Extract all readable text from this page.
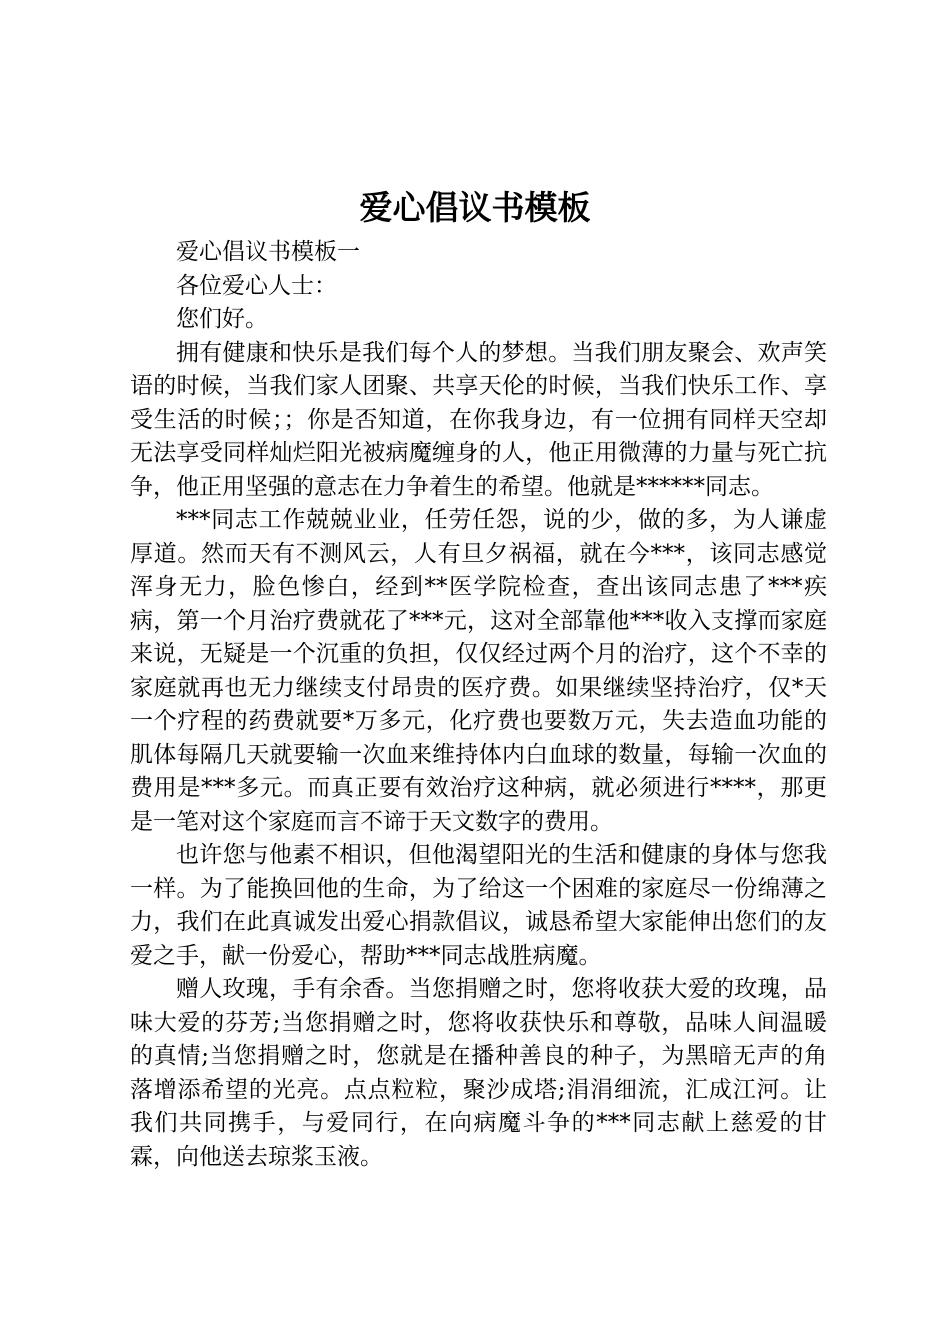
爱心倡议书模板

爱心倡议书模板一

各位爱心人士：

您们好。

拥有健康和快乐是我们每个人的梦想。当我们朋友聚会、欢声笑语的时候，当我们家人团聚、共享天伦的时候，当我们快乐工作、享受生活的时候；；你是否知道，在你我身边，有一位拥有同样天空却无法享受同样灿烂阳光被病魔缠身的人，他正用微薄的力量与死亡抗争，他正用坚强的意志在力争着生的希望。他就是******同志。

***同志工作兢兢业业，任劳任怨，说的少，做的多，为人谦虚厚道。然而天有不测风云，人有旦夕祸福，就在今***，该同志感觉浑身无力，脸色惨白，经到**医学院检查，查出该同志患了***疾病，第一个月治疗费就花了***元，这对全部靠他***收入支撑而家庭来说，无疑是一个沉重的负担，仅仅经过两个月的治疗，这个不幸的家庭就再也无力继续支付昂贵的医疗费。如果继续坚持治疗，仅*天一个疗程的药费就要*万多元，化疗费也要数万元，失去造血功能的肌体每隔几天就要输一次血来维持体内白血球的数量，每输一次血的费用是***多元。而真正要有效治疗这种病，就必须进行****，那更是一笔对这个家庭而言不谛于天文数字的费用。

也许您与他素不相识，但他渴望阳光的生活和健康的身体与您我一样。为了能换回他的生命，为了给这一个困难的家庭尽一份绵薄之力，我们在此真诚发出爱心捐款倡议，诚恳希望大家能伸出您们的友爱之手，献一份爱心，帮助***同志战胜病魔。

赠人玫瑰，手有余香。当您捐赠之时，您将收获大爱的玫瑰，品味大爱的芬芳;当您捐赠之时，您将收获快乐和尊敬，品味人间温暖的真情;当您捐赠之时，您就是在播种善良的种子，为黑暗无声的角落增添希望的光亮。点点粒粒，聚沙成塔;涓涓细流，汇成江河。让我们共同携手，与爱同行，在向病魔斗争的***同志献上慈爱的甘霖，向他送去琼浆玉液。
